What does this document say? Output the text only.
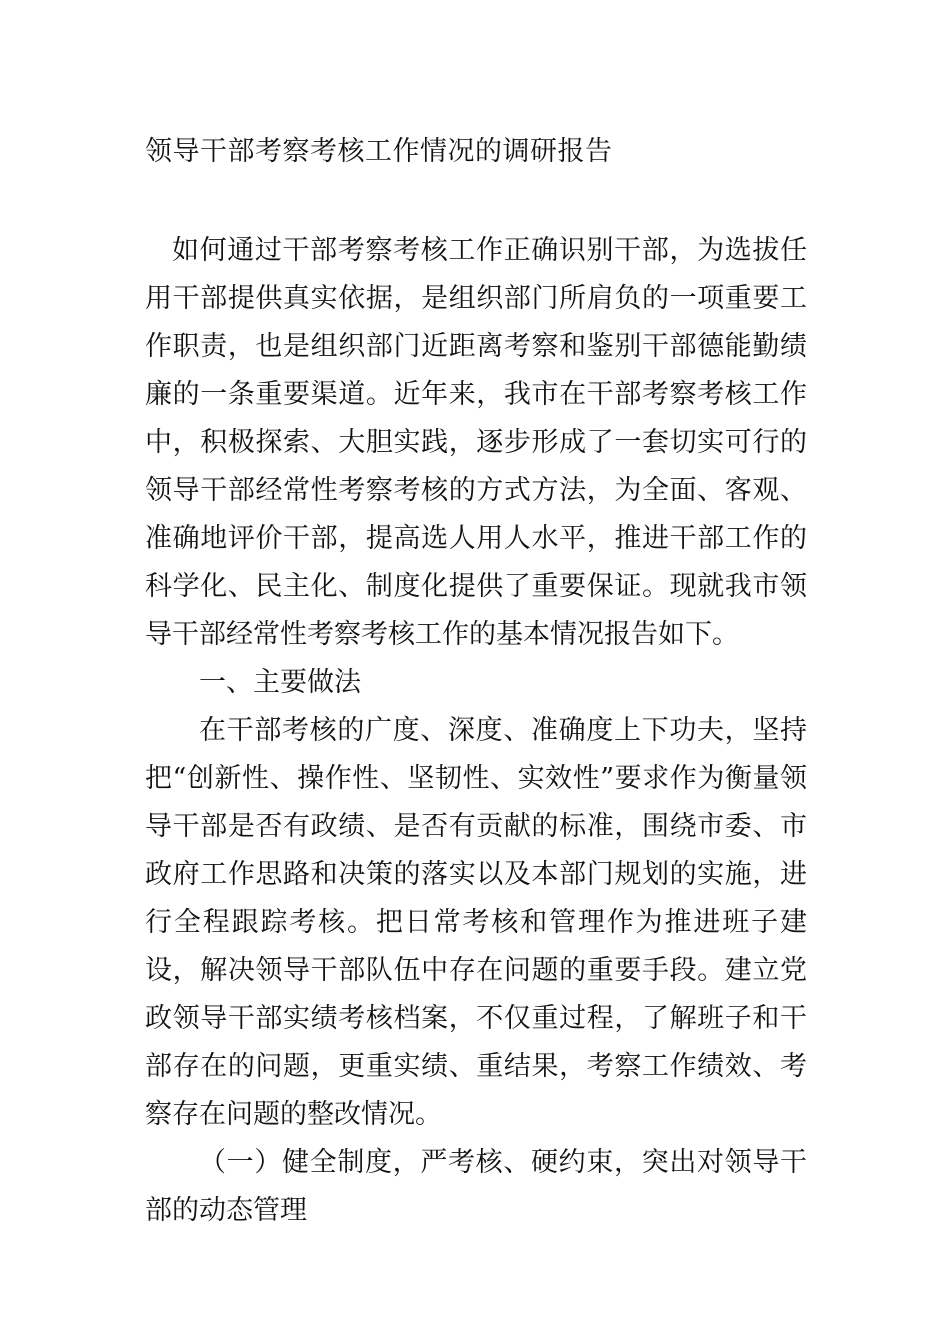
领导干部考察考核工作情况的调研报告

如何通过干部考察考核工作正确识别干部，为选拔任用干部提供真实依据，是组织部门所肩负的一项重要工作职责，也是组织部门近距离考察和鉴别干部德能勤绩廉的一条重要渠道。近年来，我市在干部考察考核工作中，积极探索、大胆实践，逐步形成了一套切实可行的领导干部经常性考察考核的方式方法，为全面、客观、准确地评价干部，提高选人用人水平，推进干部工作的科学化、民主化、制度化提供了重要保证。现就我市领导干部经常性考察考核工作的基本情况报告如下。

一、主要做法

在干部考核的广度、深度、准确度上下功夫，坚持把“创新性、操作性、坚韧性、实效性”要求作为衡量领导干部是否有政绩、是否有贡献的标准，围绕市委、市政府工作思路和决策的落实以及本部门规划的实施，进行全程跟踪考核。把日常考核和管理作为推进班子建设，解决领导干部队伍中存在问题的重要手段。建立党政领导干部实绩考核档案，不仅重过程，了解班子和干部存在的问题，更重实绩、重结果，考察工作绩效、考察存在问题的整改情况。

（一）健全制度，严考核、硬约束，突出对领导干部的动态管理
